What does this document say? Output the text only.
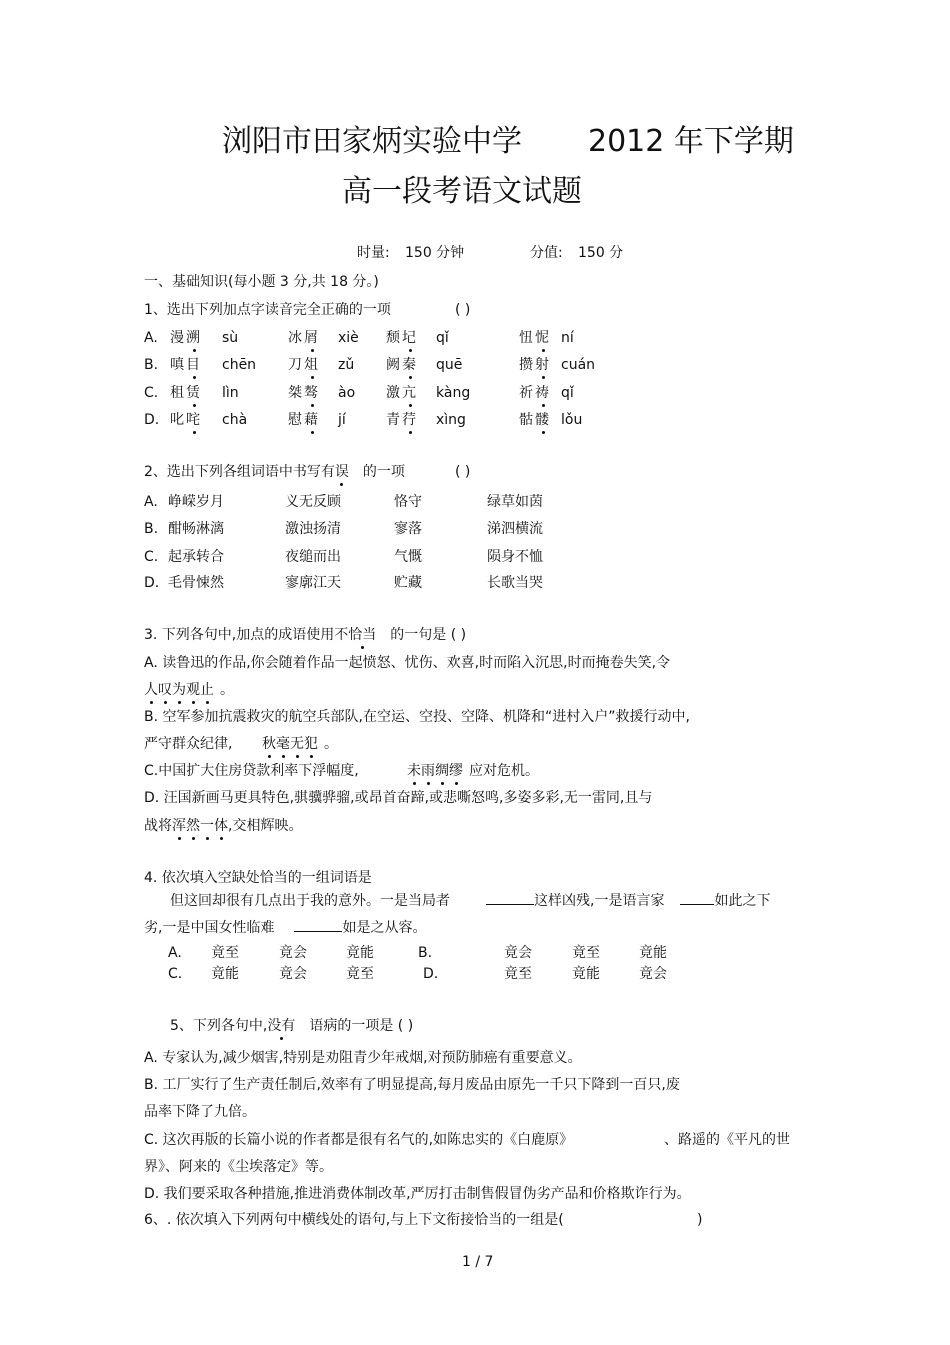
浏阳市田家炳实验中学 2012 年下学期
高一段考语文试题
时量: 150 分钟	分值: 150 分
一、基础知识(每小题 3 分,共 18 分。)
1、选出下列加点字读音完全正确的一项	( )
A. 漫溯 sù	冰屑 xiè 颓圮 qǐ	忸怩 ní
B. 嗔目 chēn 刀俎 zǔ 阙秦 quē	攒射 cuán
C. 租赁 lìn	桀骜 ào 激亢 kàng	祈祷 qǐ
D. 叱咤 chà	慰藉 jí	青荇 xìng	骷髅 lǒu
2、选出下列各组词语中书写有误 的一项	( )
A. 峥嵘岁月	义无反顾	恪守	绿草如茵
B. 酣畅淋漓	激浊扬清	寥落	涕泗横流
C. 起承转合	夜缒而出	气慨	陨身不恤
D. 毛骨悚然	寥廓江天	贮藏	长歌当哭
3. 下列各句中,加点的成语使用不恰当 的一句是 ( )
A. 读鲁迅的作品,你会随着作品一起愤怒、忧伤、欢喜,时而陷入沉思,时而掩卷失笑,令
人叹为观止 。
B. 空军参加抗震救灾的航空兵部队,在空运、空投、空降、机降和“进村入户”救援行动中,
严守群众纪律, 秋毫无犯 。
C.中国扩大住房贷款利率下浮幅度,	未雨绸缪 应对危机。
D. 汪国新画马更具特色,骐骥骅骝,或昂首奋蹄,或悲嘶怒鸣,多姿多彩,无一雷同,且与
战将浑然一体,交相辉映。
4. 依次填入空缺处恰当的一组词语是
但这回却很有几点出于我的意外。一是当局者	这样凶残,一是语言家	如此之下
劣,一是中国女性临难	如是之从容。
A. 竟至	竟会	竟能	B.	竟会	竟至	竟能
C. 竟能	竟会	竟至	D.	竟至	竟能	竟会
5、下列各句中,没有 语病的一项是 ( )
A. 专家认为,减少烟害,特别是劝阻青少年戒烟,对预防肺癌有重要意义。
B. 工厂实行了生产责任制后,效率有了明显提高,每月废品由原先一千只下降到一百只,废
品率下降了九倍。
C. 这次再版的长篇小说的作者都是很有名气的,如陈忠实的《白鹿原》	、路遥的《平凡的世
界》、阿来的《尘埃落定》等。
D. 我们要采取各种措施,推进消费体制改革,严厉打击制售假冒伪劣产品和价格欺诈行为。
6、. 依次填入下列两句中横线处的语句,与上下文衔接恰当的一组是(	)
1 / 7
